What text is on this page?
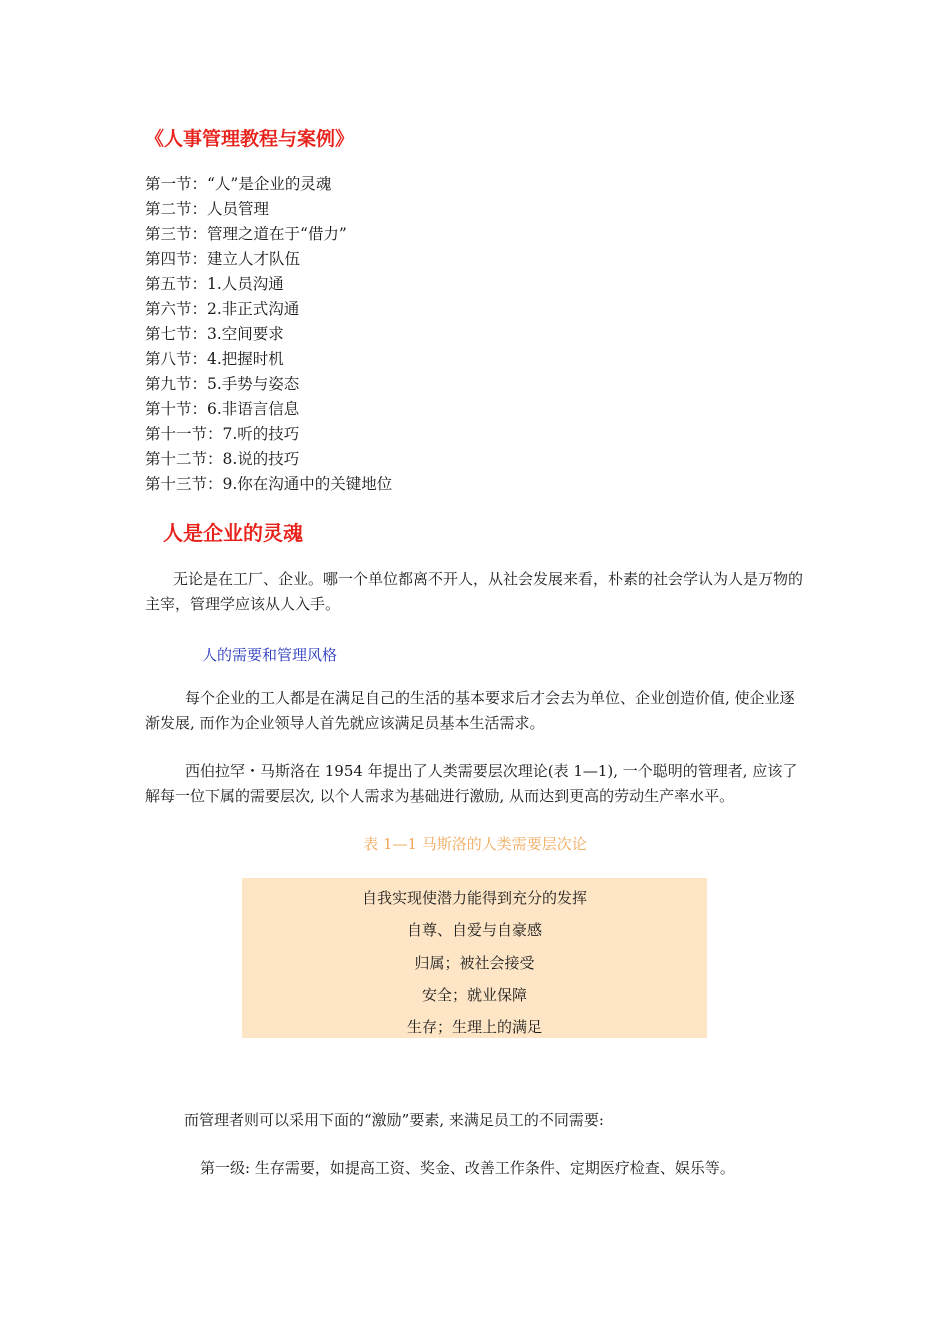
《人事管理教程与案例》
第一节：“人”是企业的灵魂
第二节：人员管理
第三节：管理之道在于“借力”
第四节：建立人才队伍
第五节：1.人员沟通
第六节：2.非正式沟通
第七节：3.空间要求
第八节：4.把握时机
第九节：5.手势与姿态
第十节：6.非语言信息
第十一节：7.听的技巧
第十二节：8.说的技巧
第十三节：9.你在沟通中的关键地位
人是企业的灵魂

无论是在工厂、企业。哪一个单位都离不开人，从社会发展来看，朴素的社会学认为人是万物的主宰，管理学应该从人入手。

人的需要和管理风格

每个企业的工人都是在满足自己的生活的基本要求后才会去为单位、企业创造价值, 使企业逐渐发展, 而作为企业领导人首先就应该满足员基本生活需求。

西伯拉罕・马斯洛在 1954 年提出了人类需要层次理论(表 1—1), 一个聪明的管理者, 应该了解每一位下属的需要层次, 以个人需求为基础进行激励, 从而达到更高的劳动生产率水平。

表 1—1 马斯洛的人类需要层次论

自我实现使潜力能得到充分的发挥
自尊、自爱与自豪感
归属；被社会接受
安全；就业保障
生存；生理上的满足

而管理者则可以采用下面的“激励”要素, 来满足员工的不同需要:

第一级: 生存需要，如提高工资、奖金、改善工作条件、定期医疗检查、娱乐等。
